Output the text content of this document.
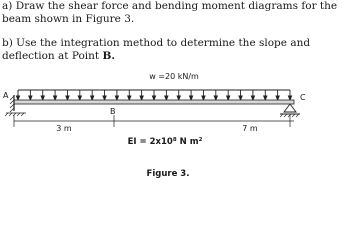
a) Draw the shear force and bending moment diagrams for the beam shown in Figure 3.

b) Use the integration method to determine the slope and deflection at Point B.

w =20 kN/m
A
B
C
3 m	7 m
EI = $2x10^8$ N $m^2$
Figure 3.
